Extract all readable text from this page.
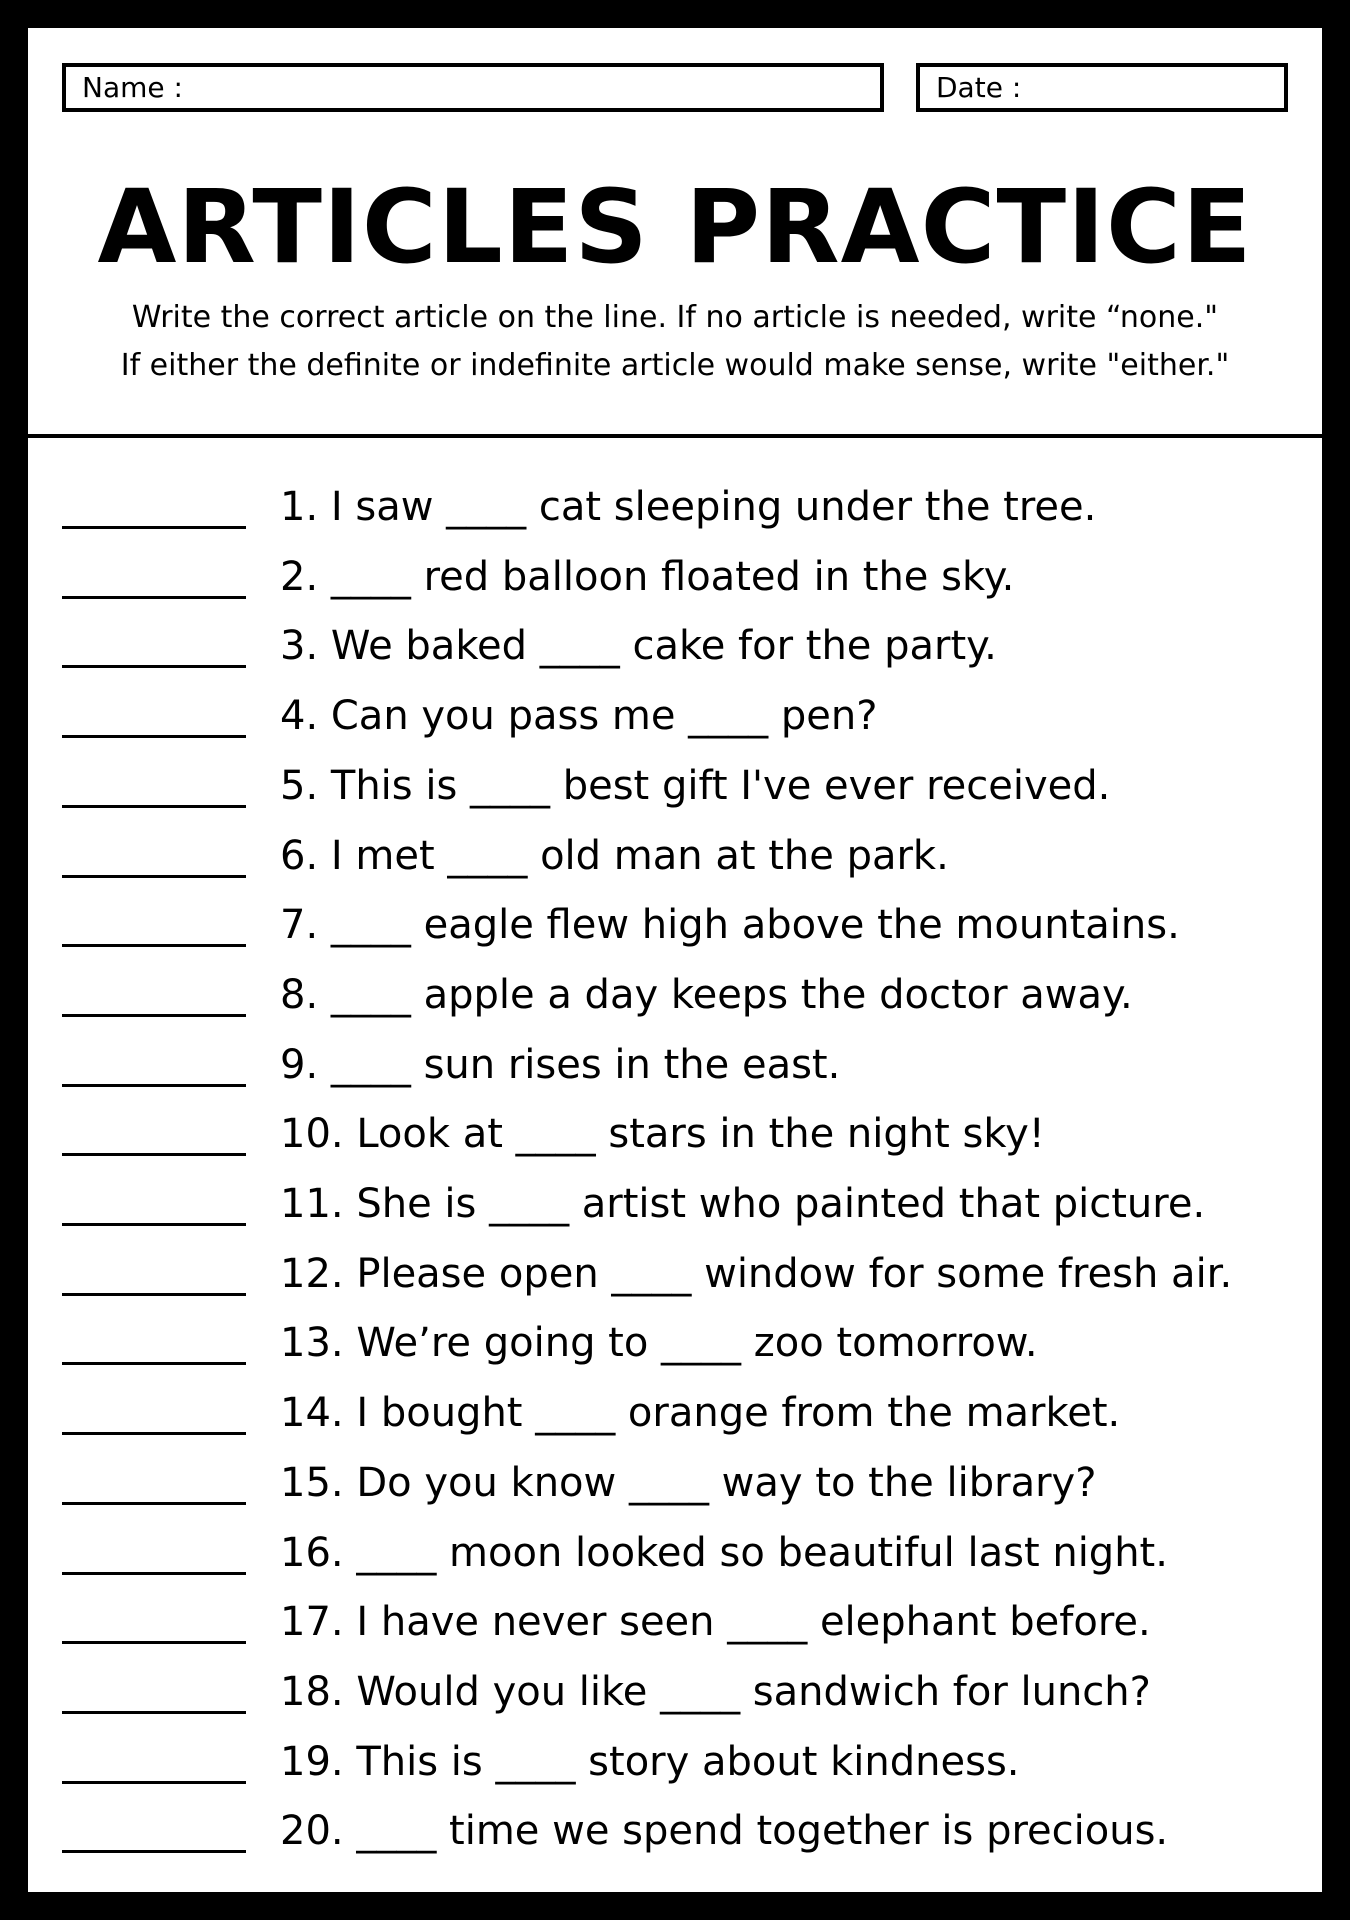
Name :	Date :
ARTICLES PRACTICE
Write the correct article on the line. If no article is needed, write “none."
If either the definite or indefinite article would make sense, write "either."
1. I saw ____ cat sleeping under the tree.
2. ____ red balloon floated in the sky.
3. We baked ____ cake for the party.
4. Can you pass me ____ pen?
5. This is ____ best gift I've ever received.
6. I met ____ old man at the park.
7. ____ eagle flew high above the mountains.
8. ____ apple a day keeps the doctor away.
9. ____ sun rises in the east.
10. Look at ____ stars in the night sky!
11. She is ____ artist who painted that picture.
12. Please open ____ window for some fresh air.
13. We’re going to ____ zoo tomorrow.
14. I bought ____ orange from the market.
15. Do you know ____ way to the library?
16. ____ moon looked so beautiful last night.
17. I have never seen ____ elephant before.
18. Would you like ____ sandwich for lunch?
19. This is ____ story about kindness.
20. ____ time we spend together is precious.
